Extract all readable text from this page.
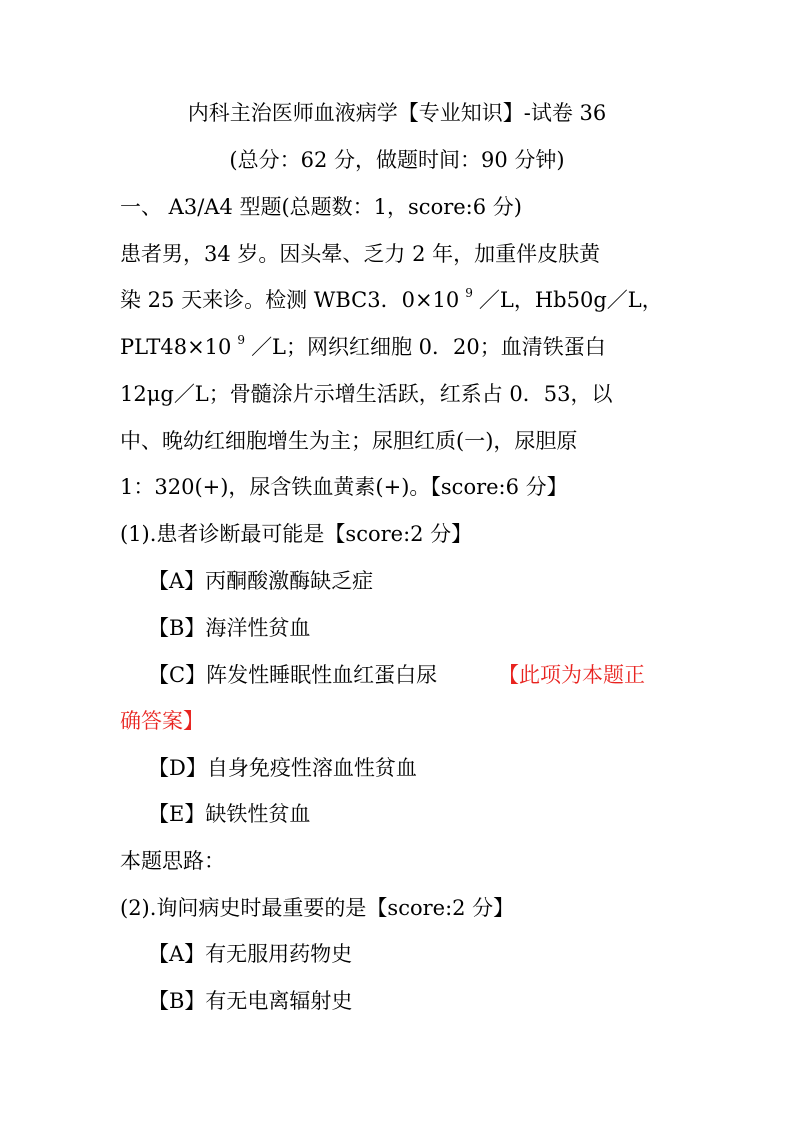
内科主治医师血液病学【专业知识】-试卷 36
(总分：62 分，做题时间：90 分钟)
一、 A3/A4 型题(总题数：1，score:6 分)
患者男，34 岁。因头晕、乏力 2 年，加重伴皮肤黄
染 25 天来诊。检测 WBC3．0×10 $^9$ ／L，Hb50g／L，
PLT48×10 $^9$ ／L；网织红细胞 0．20；血清铁蛋白
12μg／L；骨髓涂片示增生活跃，红系占 0．53，以
中、晚幼红细胞增生为主；尿胆红质(一)，尿胆原
1：320(+)，尿含铁血黄素(+)。【score:6 分】
(1).患者诊断最可能是【score:2 分】
【A】丙酮酸激酶缺乏症
【B】海洋性贫血
【C】阵发性睡眠性血红蛋白尿	【此项为本题正
确答案】
【D】自身免疫性溶血性贫血
【E】缺铁性贫血
本题思路：
(2).询问病史时最重要的是【score:2 分】
【A】有无服用药物史
【B】有无电离辐射史
